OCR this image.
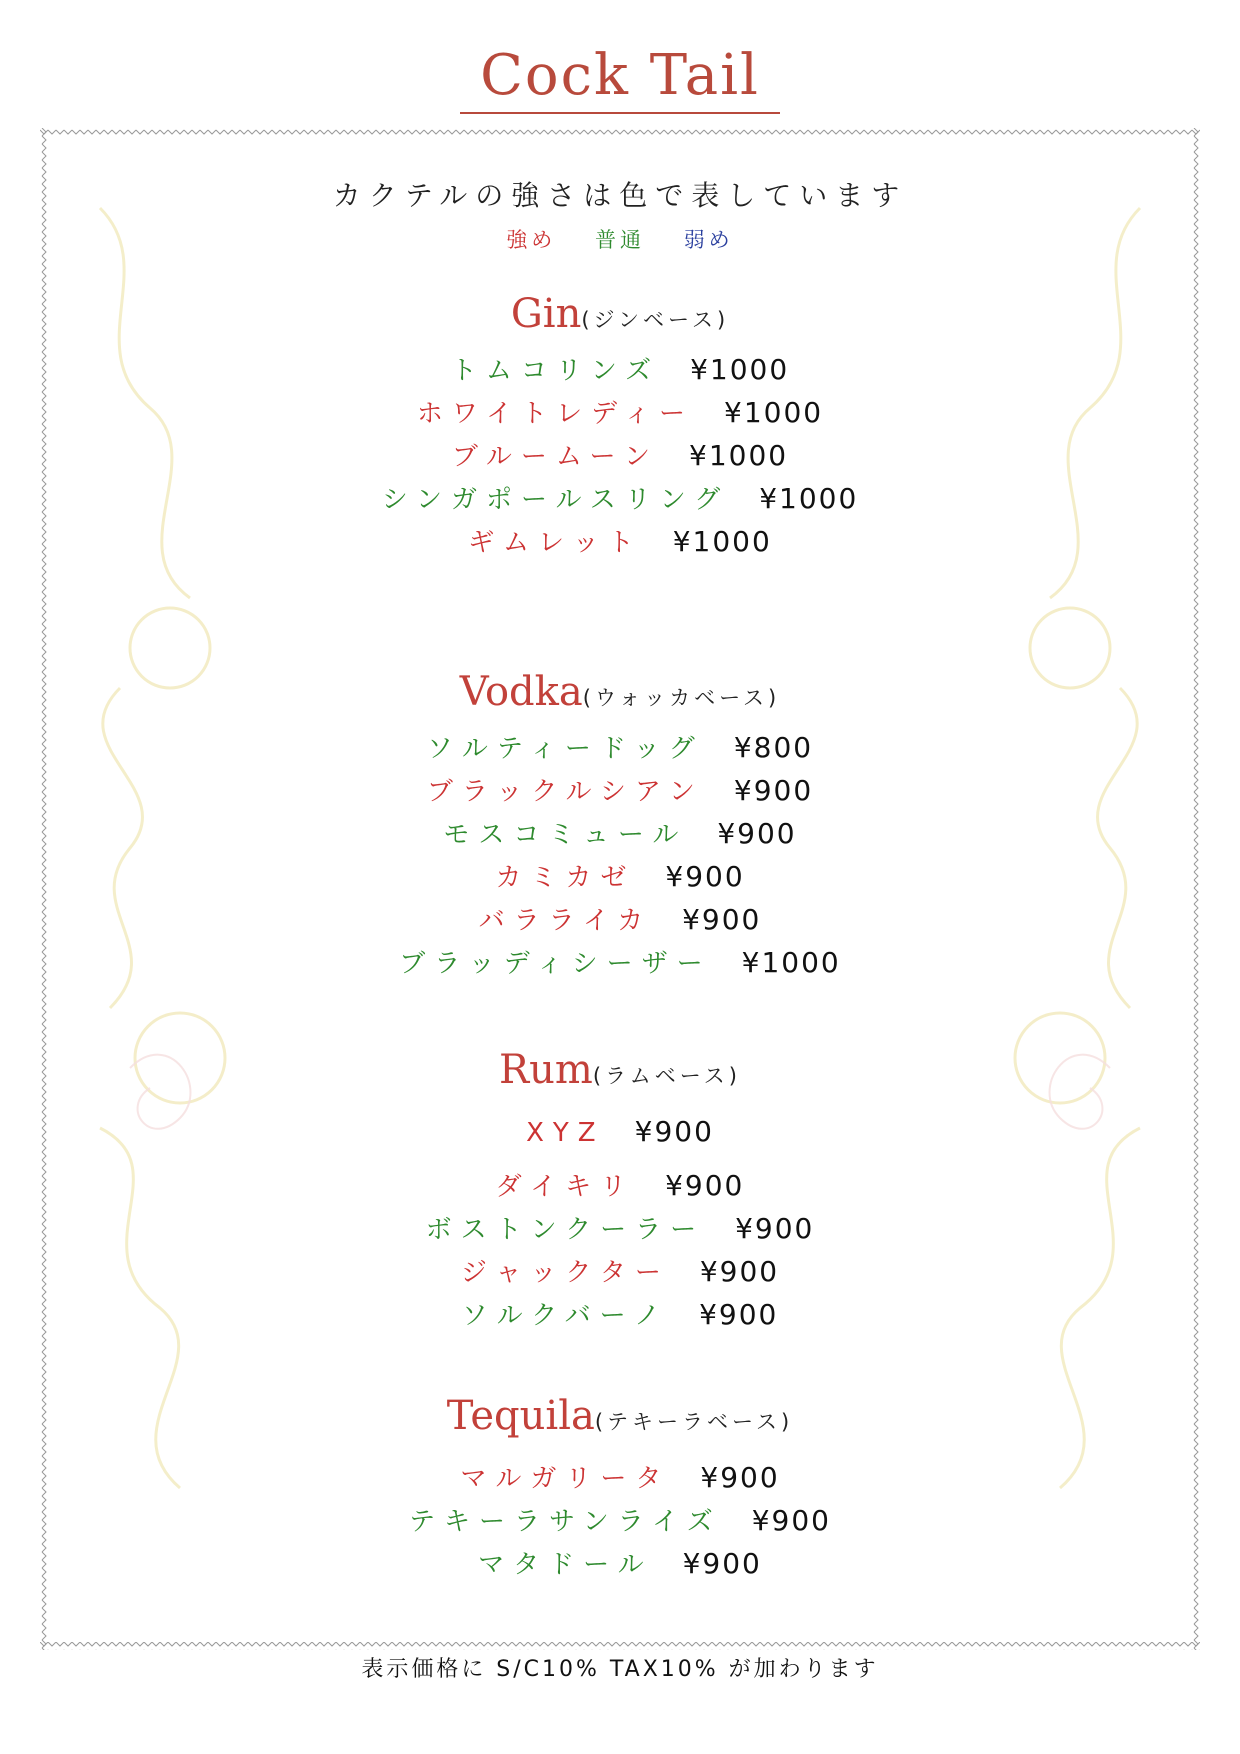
Cock Tail
カクテルの強さは色で表しています
強め 普通 弱め
Gin(ジンベース)
トムコリンズ ¥1000
ホワイトレディー ¥1000
ブルームーン ¥1000
シンガポールスリング ¥1000
ギムレット ¥1000
Vodka(ウォッカベース)
ソルティードッグ ¥800
ブラックルシアン ¥900
モスコミュール ¥900
カミカゼ ¥900
バラライカ ¥900
ブラッディシーザー ¥1000
Rum(ラムベース)
XYZ ¥900
ダイキリ ¥900
ボストンクーラー ¥900
ジャックター ¥900
ソルクバーノ ¥900
Tequila(テキーラベース)
マルガリータ ¥900
テキーラサンライズ ¥900
マタドール ¥900
表示価格に S/C10% TAX10% が加わります
